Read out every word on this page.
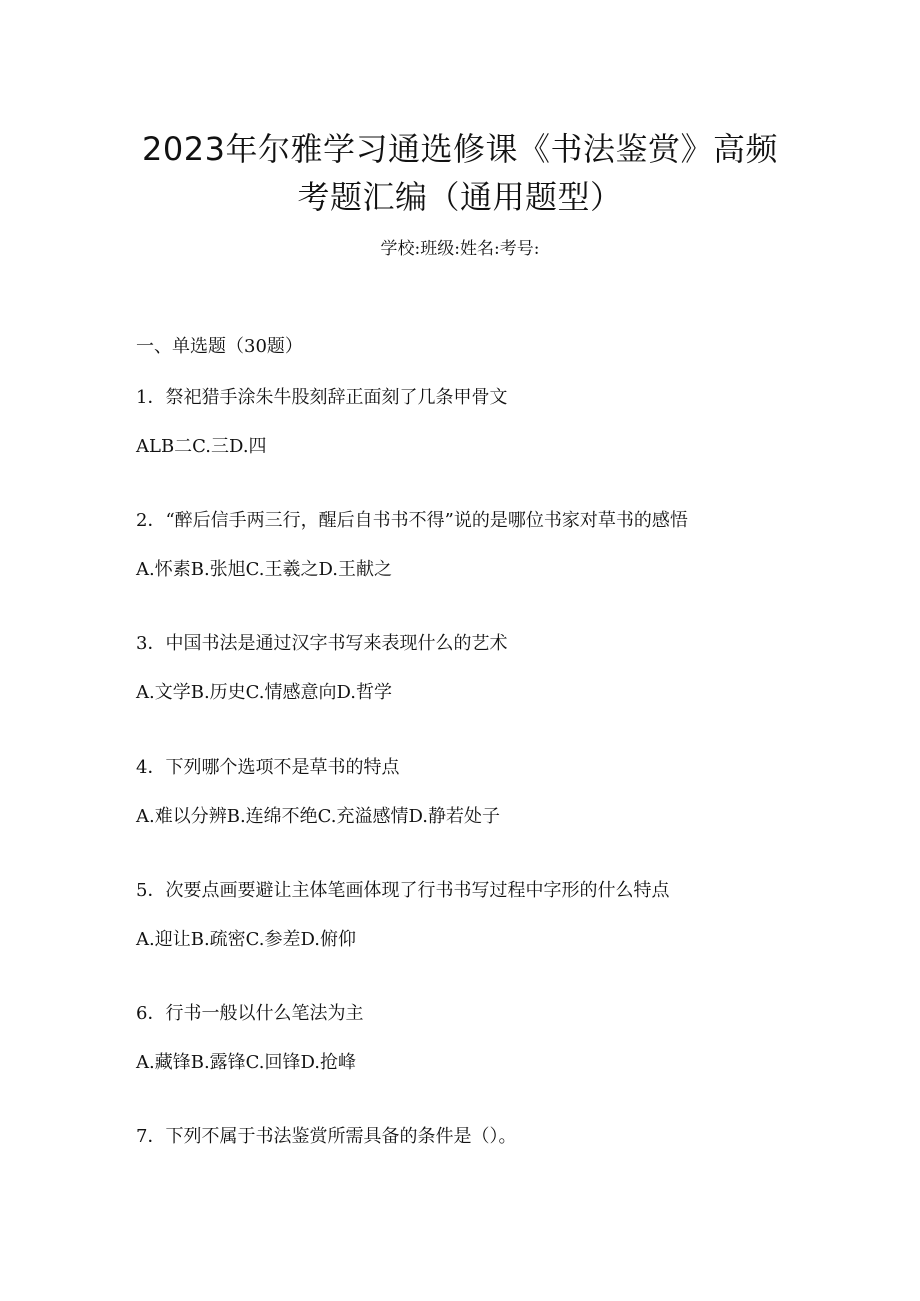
2023年尔雅学习通选修课《书法鉴赏》高频
考题汇编（通用题型）
学校:班级:姓名:考号:
一、单选题（30题）
1．祭祀猎手涂朱牛股刻辞正面刻了几条甲骨文
ALB二C.三D.四
2．“醉后信手两三行，醒后自书书不得”说的是哪位书家对草书的感悟
A.怀素B.张旭C.王羲之D.王献之
3．中国书法是通过汉字书写来表现什么的艺术
A.文学B.历史C.情感意向D.哲学
4．下列哪个选项不是草书的特点
A.难以分辨B.连绵不绝C.充溢感情D.静若处子
5．次要点画要避让主体笔画体现了行书书写过程中字形的什么特点
A.迎让B.疏密C.参差D.俯仰
6．行书一般以什么笔法为主
A.藏锋B.露锋C.回锋D.抢峰
7．下列不属于书法鉴赏所需具备的条件是（）。
